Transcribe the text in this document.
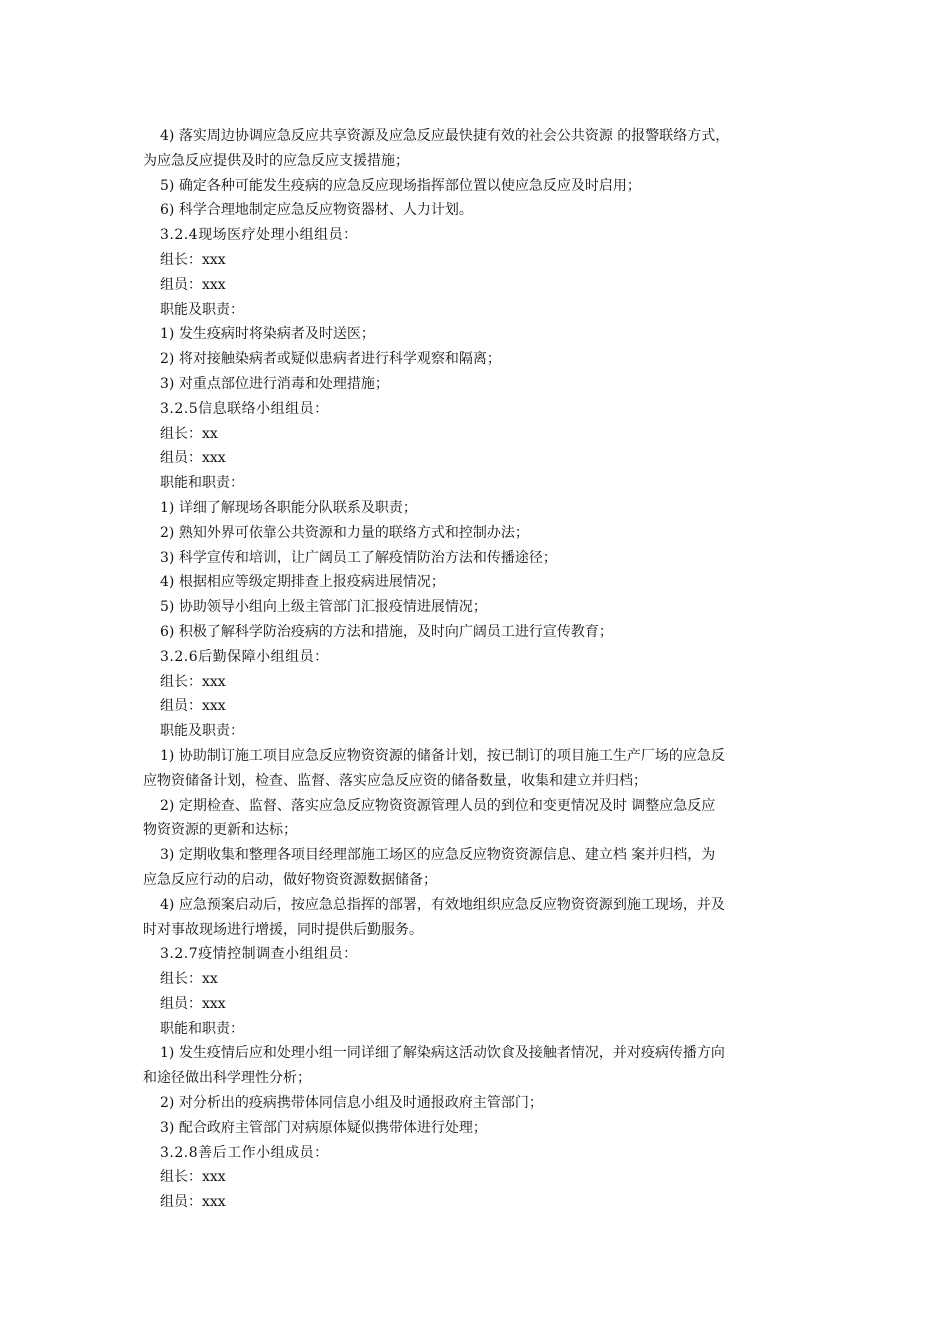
4) 落实周边协调应急反应共享资源及应急反应最快捷有效的社会公共资源 的报警联络方式，
为应急反应提供及时的应急反应支援措施；
5) 确定各种可能发生疫病的应急反应现场指挥部位置以使应急反应及时启用；
6) 科学合理地制定应急反应物资器材、人力计划。
3.2.4现场医疗处理小组组员：
组长：xxx
组员：xxx
职能及职责：
1) 发生疫病时将染病者及时送医；
2) 将对接触染病者或疑似患病者进行科学观察和隔离；
3) 对重点部位进行消毒和处理措施；
3.2.5信息联络小组组员：
组长：xx
组员：xxx
职能和职责：
1) 详细了解现场各职能分队联系及职责；
2) 熟知外界可依靠公共资源和力量的联络方式和控制办法；
3) 科学宣传和培训，让广阔员工了解疫情防治方法和传播途径；
4) 根据相应等级定期排查上报疫病进展情况；
5) 协助领导小组向上级主管部门汇报疫情进展情况；
6) 积极了解科学防治疫病的方法和措施，及时向广阔员工进行宣传教育；
3.2.6后勤保障小组组员：
组长：xxx
组员：xxx
职能及职责：
1) 协助制订施工项目应急反应物资资源的储备计划，按已制订的项目施工生产厂场的应急反
应物资储备计划，检查、监督、落实应急反应资的储备数量，收集和建立并归档；
2) 定期检查、监督、落实应急反应物资资源管理人员的到位和变更情况及时 调整应急反应
物资资源的更新和达标；
3) 定期收集和整理各项目经理部施工场区的应急反应物资资源信息、建立档 案并归档，为
应急反应行动的启动，做好物资资源数据储备；
4) 应急预案启动后，按应急总指挥的部署，有效地组织应急反应物资资源到施工现场，并及
时对事故现场进行增援，同时提供后勤服务。
3.2.7疫情控制调查小组组员：
组长：xx
组员：xxx
职能和职责：
1) 发生疫情后应和处理小组一同详细了解染病这活动饮食及接触者情况，并对疫病传播方向
和途径做出科学理性分析；
2) 对分析出的疫病携带体同信息小组及时通报政府主管部门；
3) 配合政府主管部门对病原体疑似携带体进行处理；
3.2.8善后工作小组成员：
组长：xxx
组员：xxx
